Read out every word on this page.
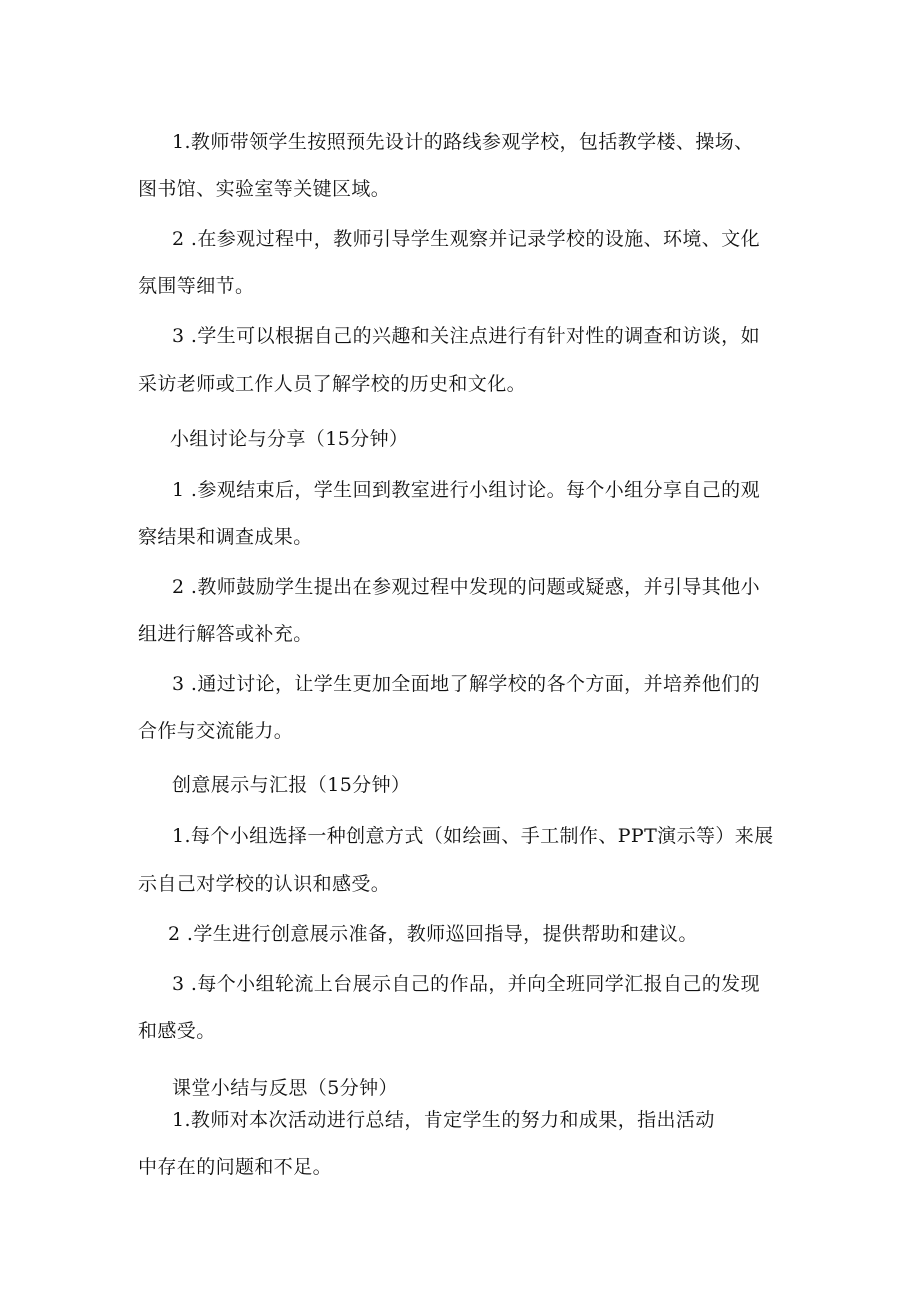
1.教师带领学生按照预先设计的路线参观学校，包括教学楼、操场、
图书馆、实验室等关键区域。
2 .在参观过程中，教师引导学生观察并记录学校的设施、环境、文化
氛围等细节。
3 .学生可以根据自己的兴趣和关注点进行有针对性的调查和访谈，如
采访老师或工作人员了解学校的历史和文化。
小组讨论与分享（15分钟）
1 .参观结束后，学生回到教室进行小组讨论。每个小组分享自己的观
察结果和调查成果。
2 .教师鼓励学生提出在参观过程中发现的问题或疑惑，并引导其他小
组进行解答或补充。
3 .通过讨论，让学生更加全面地了解学校的各个方面，并培养他们的
合作与交流能力。
创意展示与汇报（15分钟）
1.每个小组选择一种创意方式（如绘画、手工制作、PPT演示等）来展
示自己对学校的认识和感受。
2 .学生进行创意展示准备，教师巡回指导，提供帮助和建议。
3 .每个小组轮流上台展示自己的作品，并向全班同学汇报自己的发现
和感受。
课堂小结与反思（5分钟）
1.教师对本次活动进行总结，肯定学生的努力和成果，指出活动
中存在的问题和不足。
